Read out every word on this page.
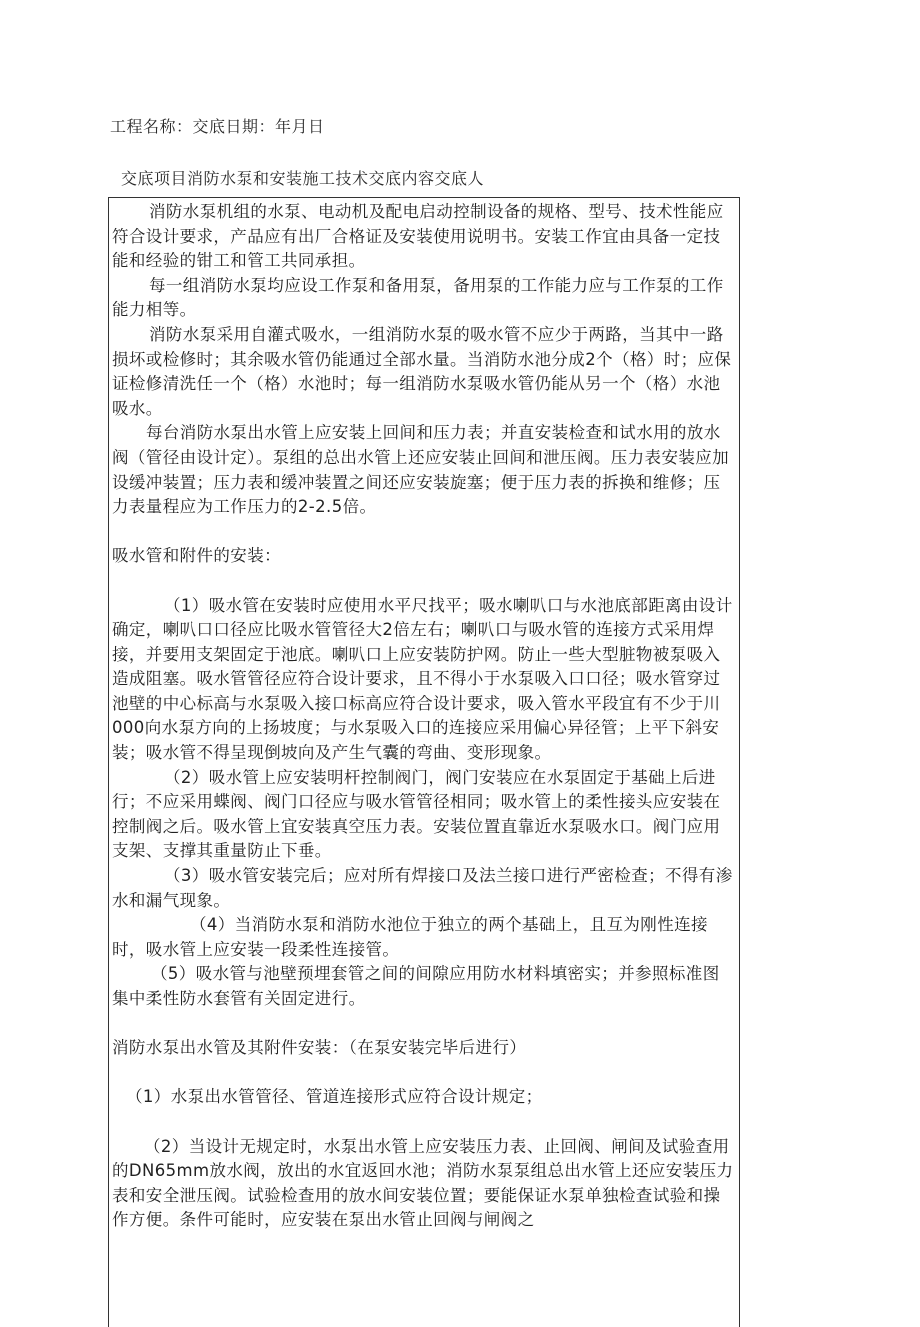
工程名称：交底日期：年月日
交底项目消防水泵和安装施工技术交底内容交底人

消防水泵机组的水泵、电动机及配电启动控制设备的规格、型号、技术性能应符合设计要求，产品应有出厂合格证及安装使用说明书。安装工作宜由具备一定技能和经验的钳工和管工共同承担。

每一组消防水泵均应设工作泵和备用泵，备用泵的工作能力应与工作泵的工作能力相等。

消防水泵采用自灌式吸水，一组消防水泵的吸水管不应少于两路，当其中一路损坏或检修时；其余吸水管仍能通过全部水量。当消防水池分成2个（格）时；应保证检修清洗任一个（格）水池时；每一组消防水泵吸水管仍能从另一个（格）水池吸水。

每台消防水泵出水管上应安装上回间和压力表；并直安装检查和试水用的放水阀（管径由设计定）。泵组的总出水管上还应安装止回间和泄压阀。压力表安装应加设缓冲装置；压力表和缓冲装置之间还应安装旋塞；便于压力表的拆换和维修；压力表量程应为工作压力的2-2.5倍。

吸水管和附件的安装：

（1）吸水管在安装时应使用水平尺找平；吸水喇叭口与水池底部距离由设计确定，喇叭口口径应比吸水管管径大2倍左右；喇叭口与吸水管的连接方式采用焊接，并要用支架固定于池底。喇叭口上应安装防护网。防止一些大型脏物被泵吸入造成阻塞。吸水管管径应符合设计要求，且不得小于水泵吸入口口径；吸水管穿过池壁的中心标高与水泵吸入接口标高应符合设计要求，吸入管水平段宜有不少于川000向水泵方向的上扬坡度；与水泵吸入口的连接应采用偏心异径管；上平下斜安装；吸水管不得呈现倒坡向及产生气囊的弯曲、变形现象。

（2）吸水管上应安装明杆控制阀门，阀门安装应在水泵固定于基础上后进行；不应采用蝶阀、阀门口径应与吸水管管径相同；吸水管上的柔性接头应安装在控制阀之后。吸水管上宜安装真空压力表。安装位置直靠近水泵吸水口。阀门应用支架、支撑其重量防止下垂。

（3）吸水管安装完后；应对所有焊接口及法兰接口进行严密检查；不得有渗水和漏气现象。

（4）当消防水泵和消防水池位于独立的两个基础上，且互为刚性连接时，吸水管上应安装一段柔性连接管。

（5）吸水管与池壁预埋套管之间的间隙应用防水材料填密实；并参照标准图集中柔性防水套管有关固定进行。

消防水泵出水管及其附件安装：（在泵安装完毕后进行）

（1）水泵出水管管径、管道连接形式应符合设计规定；

（2）当设计无规定时，水泵出水管上应安装压力表、止回阀、闸间及试验查用的DN65mm放水阀，放出的水宜返回水池；消防水泵泵组总出水管上还应安装压力表和安全泄压阀。试验检查用的放水间安装位置；要能保证水泵单独检查试验和操作方便。条件可能时，应安装在泵出水管止回阀与闸阀之
